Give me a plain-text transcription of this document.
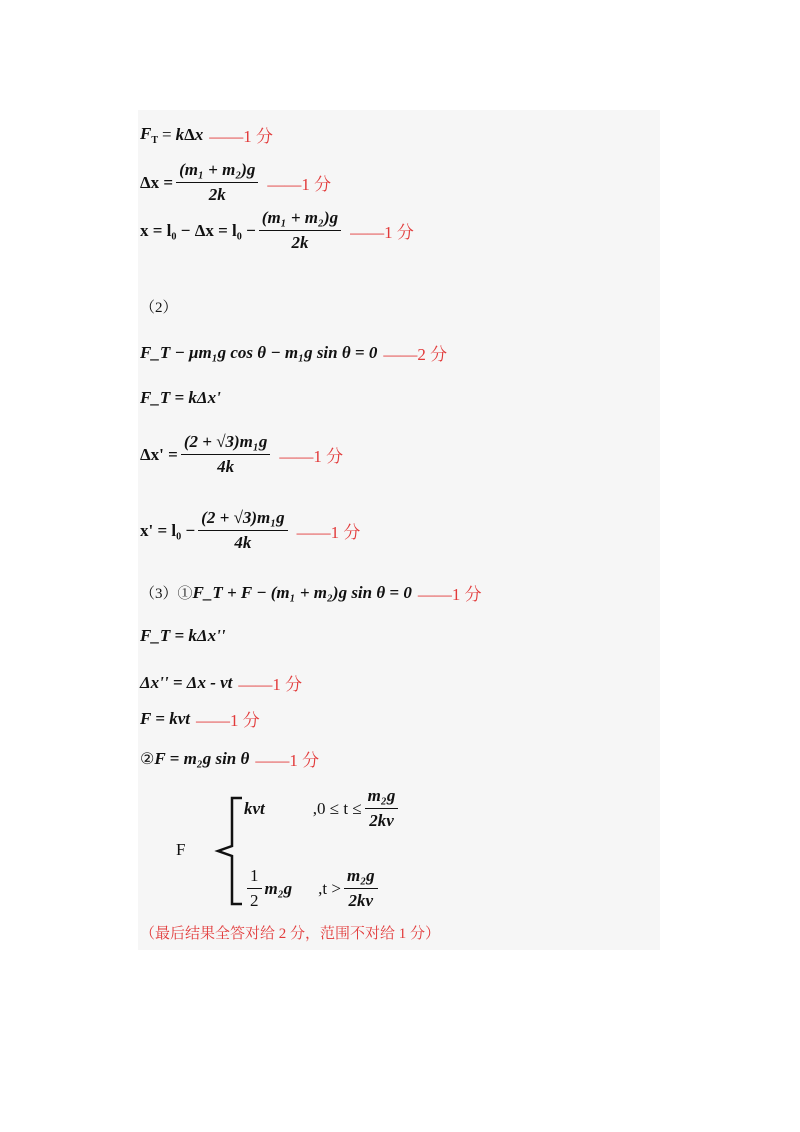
$F_T = k$ Δ x ——1 分
$\Delta x = \frac{\text{(m₁ + m₂)g}}{2k}$ ——1 分
$x = l_0 - \Delta x = l_0 - \frac{\text{(m₁ + m₂)g}}{2k}$ ——1 分
（2）
F_T − μm₁g cos θ − m₁g sin θ = 0 ——2 分
F_T = kΔx'
$\Delta x' = \frac{\text{(2 + √3)m₁g}}{4k}$ ——1 分
$x' = l_0 - \frac{\text{(2 + √3)m₁g}}{4k}$ ——1 分
（3）① F_T + F − (m₁ + m₂)g sin θ = 0 ——1 分
F_T = kΔx''
Δx'' = Δx - vt ——1 分
F = kvt ——1 分
② F = m₂g sin θ ——1 分
F
kvt	$,0 \le t \le \frac{\text{m₂g}}{2kv}$
$\frac{1}{2} m_2g$ $,t > \frac{\text{m₂g}}{2kv}$
（最后结果全答对给 2 分，范围不对给 1 分）
